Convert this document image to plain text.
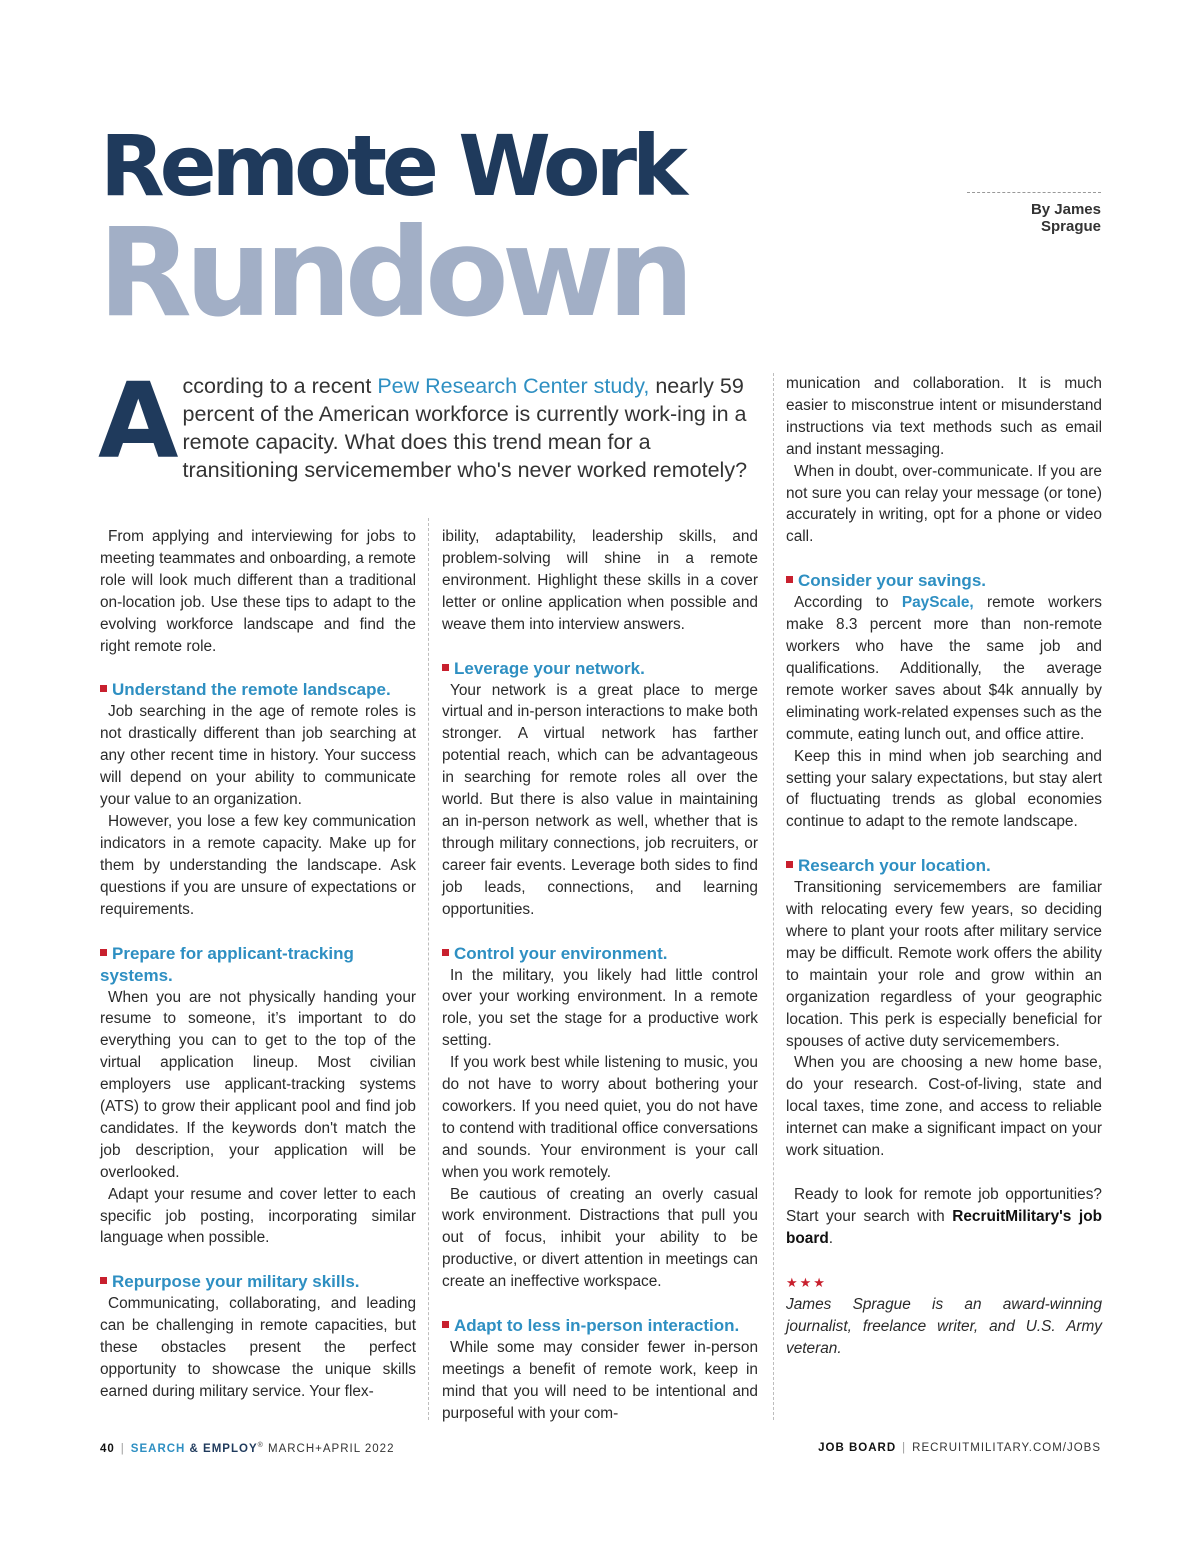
Remote Work
Rundown	By James Sprague
According to a recent Pew Research Center study, nearly 59 percent of the American workforce is currently work-ing in a remote capacity. What does this trend mean for a transitioning servicemember who's never worked remotely?

From applying and interviewing for jobs to meeting teammates and onboarding, a remote role will look much different than a traditional on-location job. Use these tips to adapt to the evolving workforce landscape and find the right remote role.

Understand the remote landscape.

Job searching in the age of remote roles is not drastically different than job searching at any other recent time in history. Your success will depend on your ability to communicate your value to an organization.

However, you lose a few key communication indicators in a remote capacity. Make up for them by understanding the landscape. Ask questions if you are unsure of expectations or requirements.

Prepare for applicant-tracking systems.

When you are not physically handing your resume to someone, it’s important to do everything you can to get to the top of the virtual application lineup. Most civilian employers use applicant-tracking systems (ATS) to grow their applicant pool and find job candidates. If the keywords don't match the job description, your application will be overlooked.

Adapt your resume and cover letter to each specific job posting, incorporating similar language when possible.

Repurpose your military skills.

Communicating, collaborating, and leading can be challenging in remote capacities, but these obstacles present the perfect opportunity to showcase the unique skills earned during military service. Your flex-

ibility, adaptability, leadership skills, and problem-solving will shine in a remote environment. Highlight these skills in a cover letter or online application when possible and weave them into interview answers.

Leverage your network.

Your network is a great place to merge virtual and in-person interactions to make both stronger. A virtual network has farther potential reach, which can be advantageous in searching for remote roles all over the world. But there is also value in maintaining an in-person network as well, whether that is through military connections, job recruiters, or career fair events. Leverage both sides to find job leads, connections, and learning opportunities.

Control your environment.

In the military, you likely had little control over your working environment. In a remote role, you set the stage for a productive work setting.

If you work best while listening to music, you do not have to worry about bothering your coworkers. If you need quiet, you do not have to contend with traditional office conversations and sounds. Your environment is your call when you work remotely.

Be cautious of creating an overly casual work environment. Distractions that pull you out of focus, inhibit your ability to be productive, or divert attention in meetings can create an ineffective workspace.

Adapt to less in-person interaction.

While some may consider fewer in-person meetings a benefit of remote work, keep in mind that you will need to be intentional and purposeful with your com-

munication and collaboration. It is much easier to misconstrue intent or misunderstand instructions via text methods such as email and instant messaging.

When in doubt, over-communicate. If you are not sure you can relay your message (or tone) accurately in writing, opt for a phone or video call.

Consider your savings.

According to PayScale, remote workers make 8.3 percent more than non-remote workers who have the same job and qualifications. Additionally, the average remote worker saves about $4k annually by eliminating work-related expenses such as the commute, eating lunch out, and office attire.

Keep this in mind when job searching and setting your salary expectations, but stay alert of fluctuating trends as global economies continue to adapt to the remote landscape.

Research your location.

Transitioning servicemembers are familiar with relocating every few years, so deciding where to plant your roots after military service may be difficult. Remote work offers the ability to maintain your role and grow within an organization regardless of your geographic location. This perk is especially beneficial for spouses of active duty servicemembers.

When you are choosing a new home base, do your research. Cost-of-living, state and local taxes, time zone, and access to reliable internet can make a significant impact on your work situation.

Ready to look for remote job opportunities? Start your search with RecruitMilitary's job board.

★★★

James Sprague is an award-winning journalist, freelance writer, and U.S. Army veteran.

40 | SEARCH & EMPLOY® MARCH+APRIL 2022	JOB BOARD | RECRUITMILITARY.COM/JOBS
